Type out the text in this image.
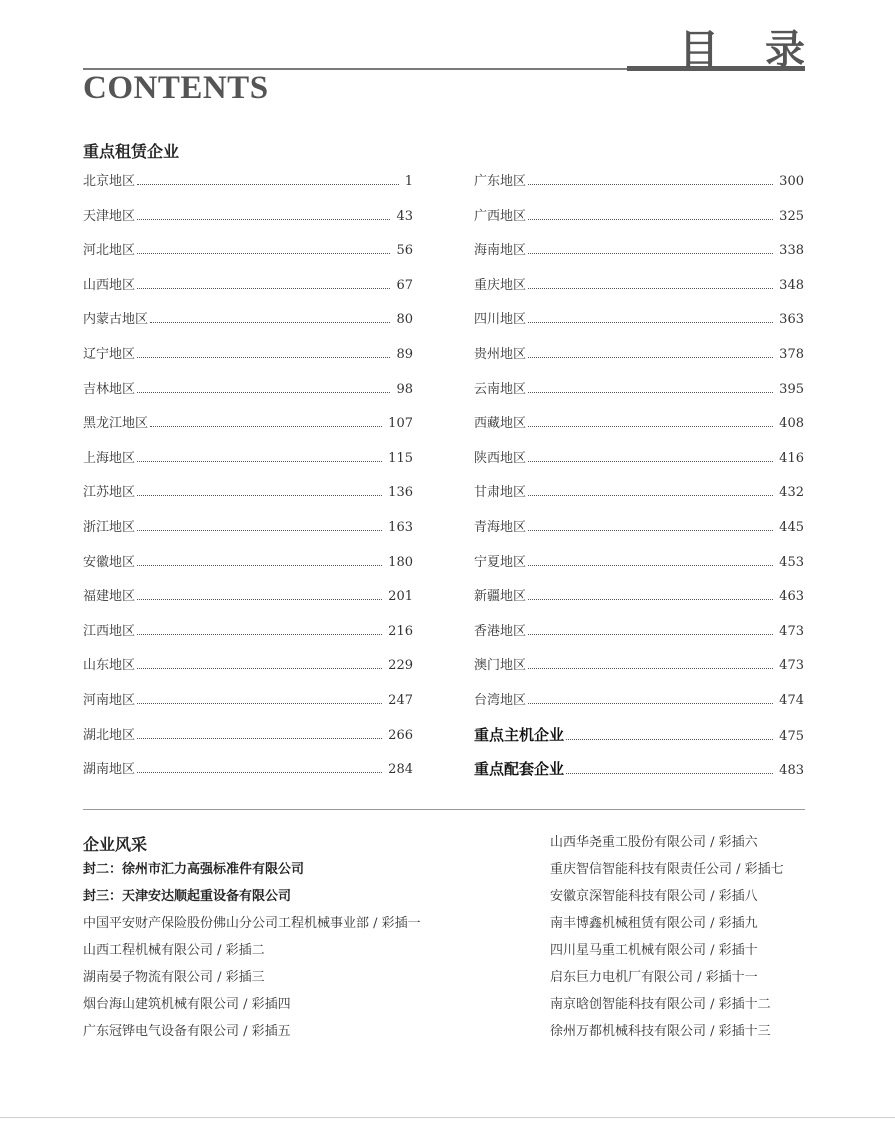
目录
CONTENTS
重点租赁企业
北京地区	1
天津地区	43
河北地区	56
山西地区	67
内蒙古地区	80
辽宁地区	89
吉林地区	98
黑龙江地区	107
上海地区	115
江苏地区	136
浙江地区	163
安徽地区	180
福建地区	201
江西地区	216
山东地区	229
河南地区	247
湖北地区	266
湖南地区	284
广东地区	300
广西地区	325
海南地区	338
重庆地区	348
四川地区	363
贵州地区	378
云南地区	395
西藏地区	408
陕西地区	416
甘肃地区	432
青海地区	445
宁夏地区	453
新疆地区	463
香港地区	473
澳门地区	473
台湾地区	474
重点主机企业	475
重点配套企业	483
企业风采
封二：徐州市汇力高强标准件有限公司
封三：天津安达顺起重设备有限公司
中国平安财产保险股份佛山分公司工程机械事业部 / 彩插一
山西工程机械有限公司 / 彩插二
湖南晏子物流有限公司 / 彩插三
烟台海山建筑机械有限公司 / 彩插四
广东冠铧电气设备有限公司 / 彩插五
山西华尧重工股份有限公司 / 彩插六
重庆智信智能科技有限责任公司 / 彩插七
安徽京深智能科技有限公司 / 彩插八
南丰博鑫机械租赁有限公司 / 彩插九
四川星马重工机械有限公司 / 彩插十
启东巨力电机厂有限公司 / 彩插十一
南京晗创智能科技有限公司 / 彩插十二
徐州万都机械科技有限公司 / 彩插十三
